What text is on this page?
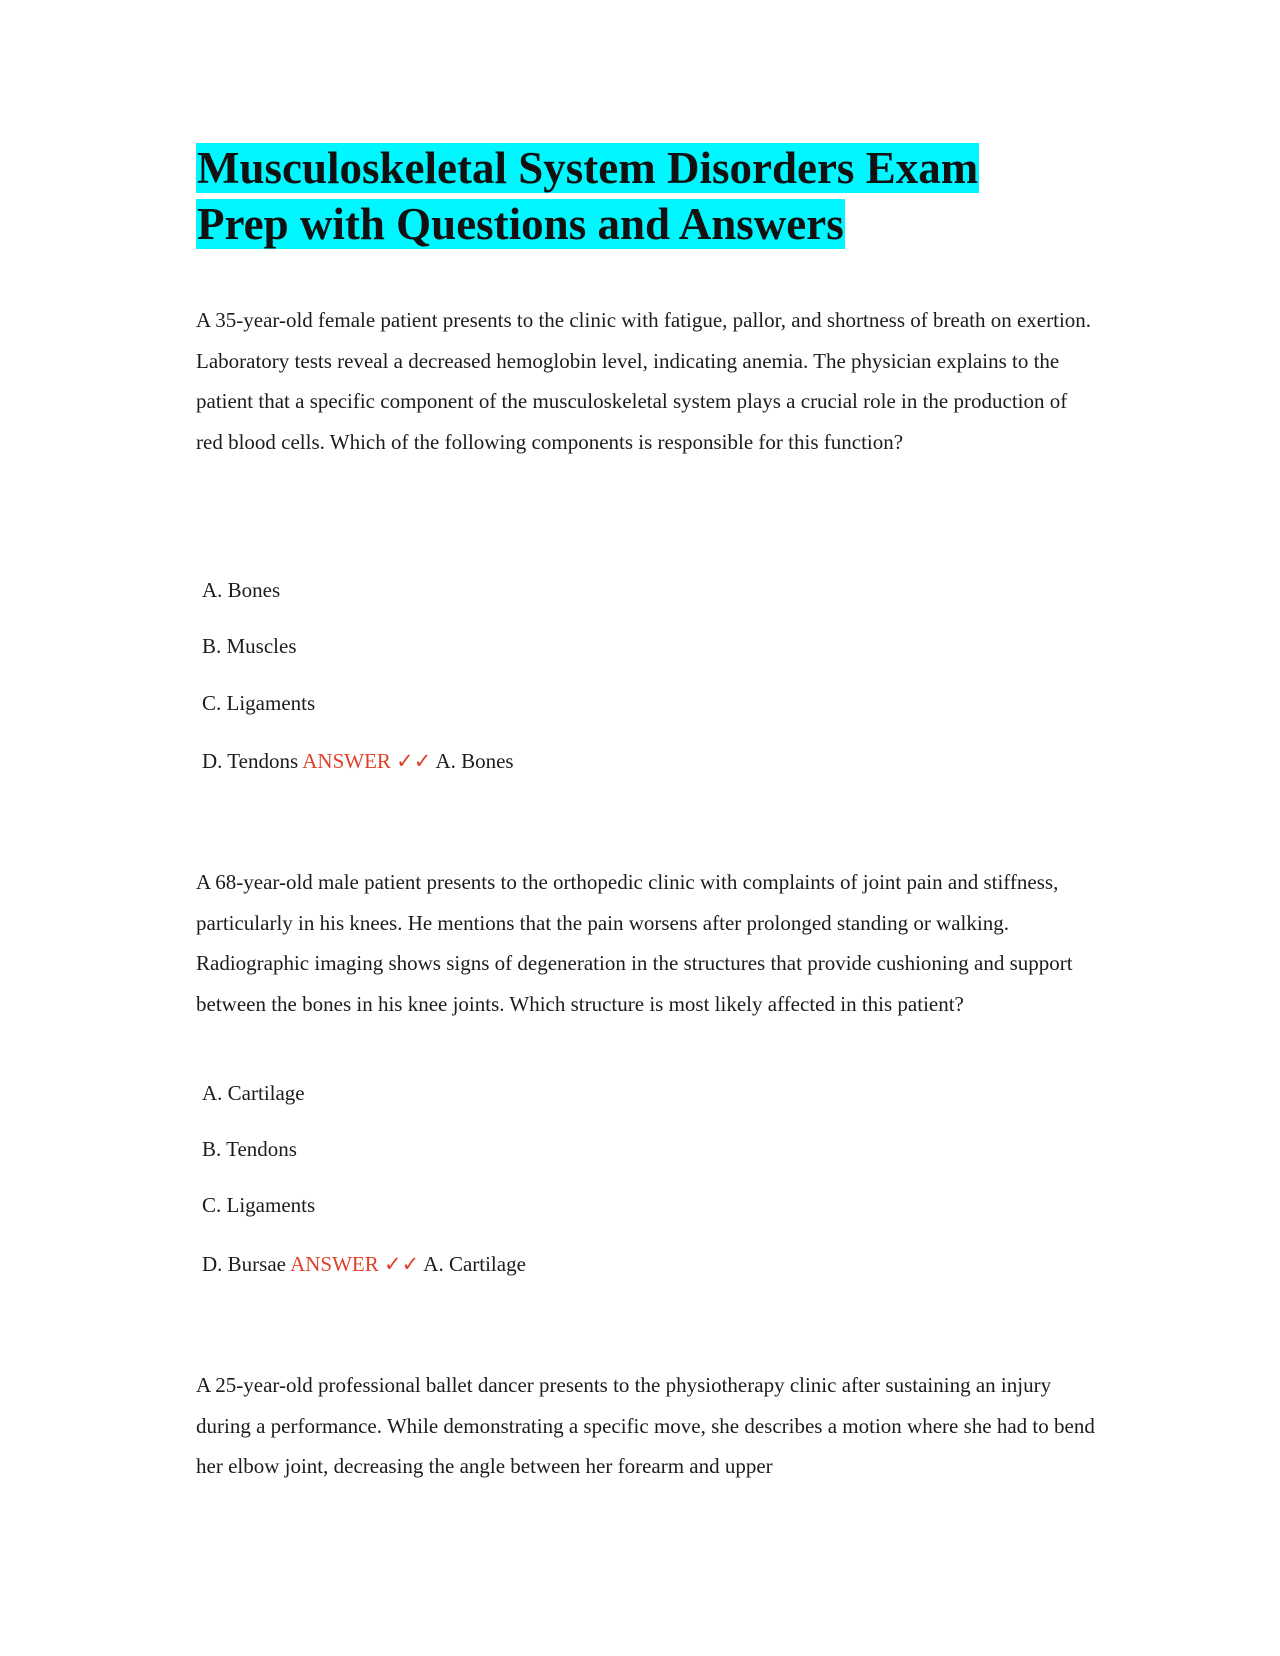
Musculoskeletal System Disorders Exam
Prep with Questions and Answers

A 35-year-old female patient presents to the clinic with fatigue, pallor, and shortness of breath on exertion. Laboratory tests reveal a decreased hemoglobin level, indicating anemia. The physician explains to the patient that a specific component of the musculoskeletal system plays a crucial role in the production of red blood cells. Which of the following components is responsible for this function?

A. Bones

B. Muscles

C. Ligaments

D. Tendons ANSWER ✓✓ A. Bones

A 68-year-old male patient presents to the orthopedic clinic with complaints of joint pain and stiffness, particularly in his knees. He mentions that the pain worsens after prolonged standing or walking. Radiographic imaging shows signs of degeneration in the structures that provide cushioning and support between the bones in his knee joints. Which structure is most likely affected in this patient?

A. Cartilage

B. Tendons

C. Ligaments

D. Bursae ANSWER ✓✓ A. Cartilage

A 25-year-old professional ballet dancer presents to the physiotherapy clinic after sustaining an injury during a performance. While demonstrating a specific move, she describes a motion where she had to bend her elbow joint, decreasing the angle between her forearm and upper
